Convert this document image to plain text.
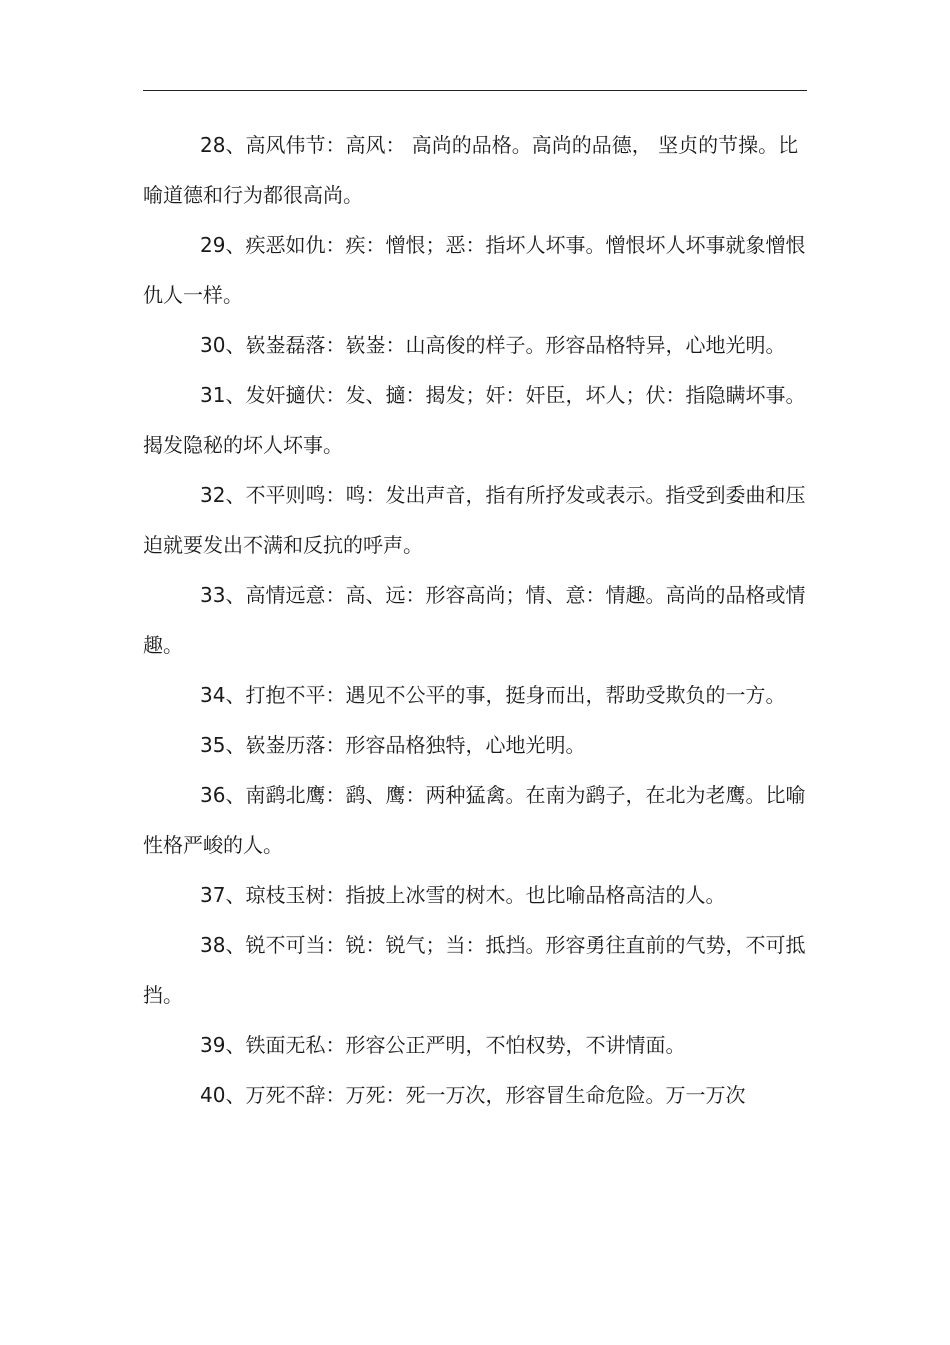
28、高风伟节：高风： 高尚的品格。高尚的品德， 坚贞的节操。比喻道德和行为都很高尚。

29、疾恶如仇：疾：憎恨；恶：指坏人坏事。憎恨坏人坏事就象憎恨仇人一样。

30、嵚崟磊落：嵚崟：山高俊的样子。形容品格特异，心地光明。

31、发奸擿伏：发、擿：揭发；奸：奸臣，坏人；伏：指隐瞒坏事。揭发隐秘的坏人坏事。

32、不平则鸣：鸣：发出声音，指有所抒发或表示。指受到委曲和压迫就要发出不满和反抗的呼声。

33、高情远意：高、远：形容高尚；情、意：情趣。高尚的品格或情趣。

34、打抱不平：遇见不公平的事，挺身而出，帮助受欺负的一方。

35、嵚崟历落：形容品格独特，心地光明。

36、南鹞北鹰：鹞、鹰：两种猛禽。在南为鹞子，在北为老鹰。比喻性格严峻的人。

37、琼枝玉树：指披上冰雪的树木。也比喻品格高洁的人。

38、锐不可当：锐：锐气；当：抵挡。形容勇往直前的气势，不可抵挡。

39、铁面无私：形容公正严明，不怕权势，不讲情面。

40、万死不辞：万死：死一万次，形容冒生命危险。万一万次
